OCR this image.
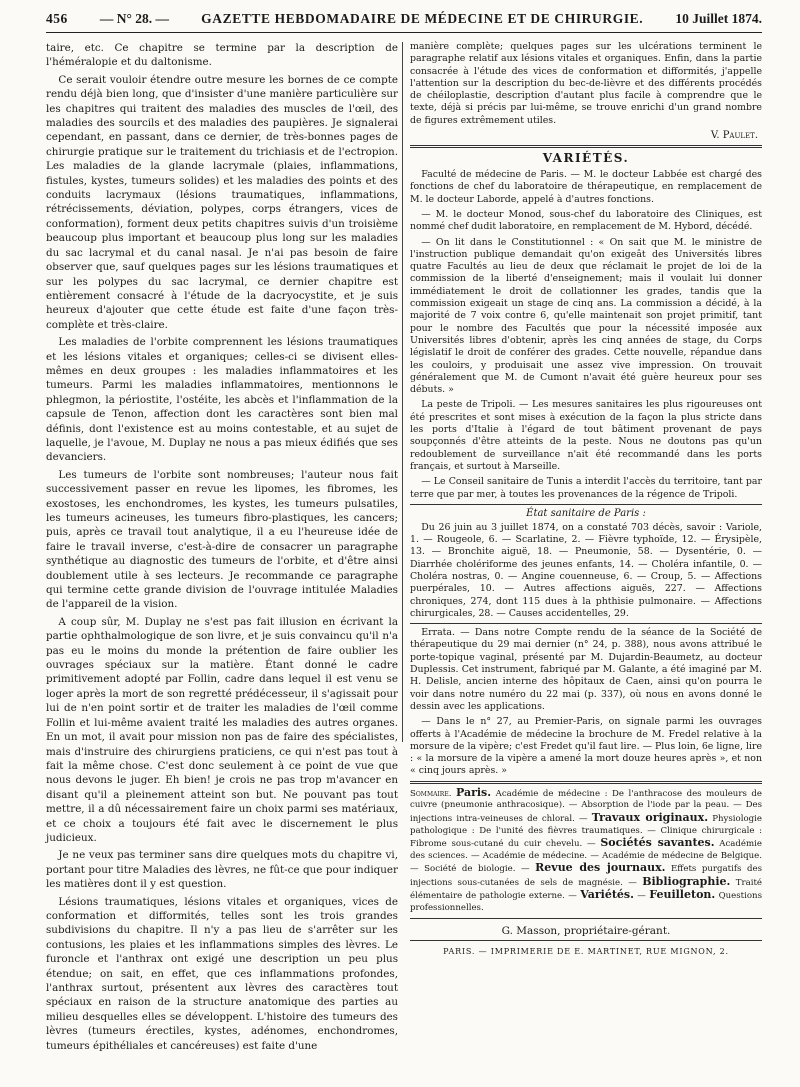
456 — N° 28. — GAZETTE HEBDOMADAIRE DE MÉDECINE ET DE CHIRURGIE. 10 Juillet 1874.

taire, etc. Ce chapitre se termine par la description de l'héméralopie et du daltonisme.

Ce serait vouloir étendre outre mesure les bornes de ce compte rendu déjà bien long, que d'insister d'une manière particulière sur les chapitres qui traitent des maladies des muscles de l'œil, des maladies des sourcils et des maladies des paupières. Je signalerai cependant, en passant, dans ce dernier, de très-bonnes pages de chirurgie pratique sur le traitement du trichiasis et de l'ectropion. Les maladies de la glande lacrymale (plaies, inflammations, fistules, kystes, tumeurs solides) et les maladies des points et des conduits lacrymaux (lésions traumatiques, inflammations, rétrécissements, déviation, polypes, corps étrangers, vices de conformation), forment deux petits chapitres suivis d'un troisième beaucoup plus important et beaucoup plus long sur les maladies du sac lacrymal et du canal nasal. Je n'ai pas besoin de faire observer que, sauf quelques pages sur les lésions traumatiques et sur les polypes du sac lacrymal, ce dernier chapitre est entièrement consacré à l'étude de la dacryocystite, et je suis heureux d'ajouter que cette étude est faite d'une façon très-complète et très-claire.

Les maladies de l'orbite comprennent les lésions traumatiques et les lésions vitales et organiques; celles-ci se divisent elles-mêmes en deux groupes : les maladies inflammatoires et les tumeurs. Parmi les maladies inflammatoires, mentionnons le phlegmon, la périostite, l'ostéite, les abcès et l'inflammation de la capsule de Tenon, affection dont les caractères sont bien mal définis, dont l'existence est au moins contestable, et au sujet de laquelle, je l'avoue, M. Duplay ne nous a pas mieux édifiés que ses devanciers.

Les tumeurs de l'orbite sont nombreuses; l'auteur nous fait successivement passer en revue les lipomes, les fibromes, les exostoses, les enchondromes, les kystes, les tumeurs pulsatiles, les tumeurs acineuses, les tumeurs fibro-plastiques, les cancers; puis, après ce travail tout analytique, il a eu l'heureuse idée de faire le travail inverse, c'est-à-dire de consacrer un paragraphe synthétique au diagnostic des tumeurs de l'orbite, et d'être ainsi doublement utile à ses lecteurs. Je recommande ce paragraphe qui termine cette grande division de l'ouvrage intitulée Maladies de l'appareil de la vision.

A coup sûr, M. Duplay ne s'est pas fait illusion en écrivant la partie ophthalmologique de son livre, et je suis convaincu qu'il n'a pas eu le moins du monde la prétention de faire oublier les ouvrages spéciaux sur la matière. Étant donné le cadre primitivement adopté par Follin, cadre dans lequel il est venu se loger après la mort de son regretté prédécesseur, il s'agissait pour lui de n'en point sortir et de traiter les maladies de l'œil comme Follin et lui-même avaient traité les maladies des autres organes. En un mot, il avait pour mission non pas de faire des spécialistes, mais d'instruire des chirurgiens praticiens, ce qui n'est pas tout à fait la même chose. C'est donc seulement à ce point de vue que nous devons le juger. Eh bien! je crois ne pas trop m'avancer en disant qu'il a pleinement atteint son but. Ne pouvant pas tout mettre, il a dû nécessairement faire un choix parmi ses matériaux, et ce choix a toujours été fait avec le discernement le plus judicieux.

Je ne veux pas terminer sans dire quelques mots du chapitre vi, portant pour titre Maladies des lèvres, ne fût-ce que pour indiquer les matières dont il y est question.

Lésions traumatiques, lésions vitales et organiques, vices de conformation et difformités, telles sont les trois grandes subdivisions du chapitre. Il n'y a pas lieu de s'arrêter sur les contusions, les plaies et les inflammations simples des lèvres. Le furoncle et l'anthrax ont exigé une description un peu plus étendue; on sait, en effet, que ces inflammations profondes, l'anthrax surtout, présentent aux lèvres des caractères tout spéciaux en raison de la structure anatomique des parties au milieu desquelles elles se développent. L'histoire des tumeurs des lèvres (tumeurs érectiles, kystes, adénomes, enchondromes, tumeurs épithéliales et cancéreuses) est faite d'une

manière complète; quelques pages sur les ulcérations terminent le paragraphe relatif aux lésions vitales et organiques. Enfin, dans la partie consacrée à l'étude des vices de conformation et difformités, j'appelle l'attention sur la description du bec-de-lièvre et des différents procédés de chéiloplastie, description d'autant plus facile à comprendre que le texte, déjà si précis par lui-même, se trouve enrichi d'un grand nombre de figures extrêmement utiles.

V. Paulet.
VARIÉTÉS.

Faculté de médecine de Paris. — M. le docteur Labbée est chargé des fonctions de chef du laboratoire de thérapeutique, en remplacement de M. le docteur Laborde, appelé à d'autres fonctions.

— M. le docteur Monod, sous-chef du laboratoire des Cliniques, est nommé chef dudit laboratoire, en remplacement de M. Hybord, décédé.

— On lit dans le Constitutionnel : « On sait que M. le ministre de l'instruction publique demandait qu'on exigeât des Universités libres quatre Facultés au lieu de deux que réclamait le projet de loi de la commission de la liberté d'enseignement; mais il voulait lui donner immédiatement le droit de collationner les grades, tandis que la commission exigeait un stage de cinq ans. La commission a décidé, à la majorité de 7 voix contre 6, qu'elle maintenait son projet primitif, tant pour le nombre des Facultés que pour la nécessité imposée aux Universités libres d'obtenir, après les cinq années de stage, du Corps législatif le droit de conférer des grades. Cette nouvelle, répandue dans les couloirs, y produisait une assez vive impression. On trouvait généralement que M. de Cumont n'avait été guère heureux pour ses débuts. »

La peste de Tripoli. — Les mesures sanitaires les plus rigoureuses ont été prescrites et sont mises à exécution de la façon la plus stricte dans les ports d'Italie à l'égard de tout bâtiment provenant de pays soupçonnés d'être atteints de la peste. Nous ne doutons pas qu'un redoublement de surveillance n'ait été recommandé dans les ports français, et surtout à Marseille.

— Le Conseil sanitaire de Tunis a interdit l'accès du territoire, tant par terre que par mer, à toutes les provenances de la régence de Tripoli.

État sanitaire de Paris :

Du 26 juin au 3 juillet 1874, on a constaté 703 décès, savoir : Variole, 1. — Rougeole, 6. — Scarlatine, 2. — Fièvre typhoïde, 12. — Érysipèle, 13. — Bronchite aiguë, 18. — Pneumonie, 58. — Dysentérie, 0. — Diarrhée cholériforme des jeunes enfants, 14. — Choléra infantile, 0. — Choléra nostras, 0. — Angine couenneuse, 6. — Croup, 5. — Affections puerpérales, 10. — Autres affections aiguës, 227. — Affections chroniques, 274, dont 115 dues à la phthisie pulmonaire. — Affections chirurgicales, 28. — Causes accidentelles, 29.

Errata. — Dans notre Compte rendu de la séance de la Société de thérapeutique du 29 mai dernier (n° 24, p. 388), nous avons attribué le porte-topique vaginal, présenté par M. Dujardin-Beaumetz, au docteur Duplessis. Cet instrument, fabriqué par M. Galante, a été imaginé par M. H. Delisle, ancien interne des hôpitaux de Caen, ainsi qu'on pourra le voir dans notre numéro du 22 mai (p. 337), où nous en avons donné le dessin avec les applications.

— Dans le n° 27, au Premier-Paris, on signale parmi les ouvrages offerts à l'Académie de médecine la brochure de M. Fredel relative à la morsure de la vipère; c'est Fredet qu'il faut lire. — Plus loin, 6e ligne, lire : « la morsure de la vipère a amené la mort douze heures après », et non « cinq jours après. »

Sommaire. Paris. Académie de médecine : De l'anthracose des mouleurs de cuivre (pneumonie anthracosique). — Absorption de l'iode par la peau. — Des injections intra-veineuses de chloral. — Travaux originaux. Physiologie pathologique : De l'unité des fièvres traumatiques. — Clinique chirurgicale : Fibrome sous-cutané du cuir chevelu. — Sociétés savantes. Académie des sciences. — Académie de médecine. — Académie de médecine de Belgique. — Société de biologie. — Revue des journaux. Effets purgatifs des injections sous-cutanées de sels de magnésie. — Bibliographie. Traité élémentaire de pathologie externe. — Variétés. — Feuilleton. Questions professionnelles.

G. Masson, propriétaire-gérant.
PARIS. — IMPRIMERIE DE E. MARTINET, RUE MIGNON, 2.
